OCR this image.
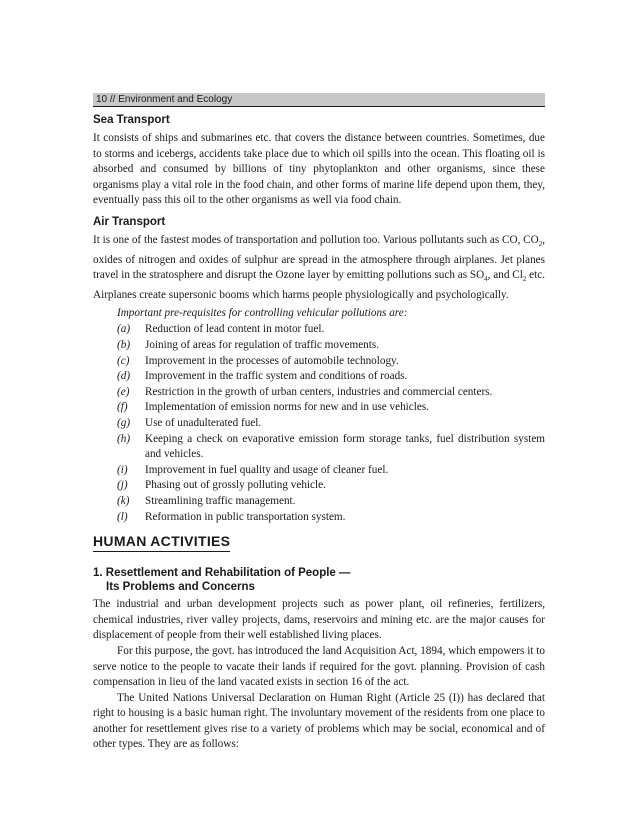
10 // Environment and Ecology
Sea Transport

It consists of ships and submarines etc. that covers the distance between countries. Sometimes, due to storms and icebergs, accidents take place due to which oil spills into the ocean. This floating oil is absorbed and consumed by billions of tiny phytoplankton and other organisms, since these organisms play a vital role in the food chain, and other forms of marine life depend upon them, they, eventually pass this oil to the other organisms as well via food chain.

Air Transport

It is one of the fastest modes of transportation and pollution too. Various pollutants such as CO, $CO_2$, oxides of nitrogen and oxides of sulphur are spread in the atmosphere through airplanes. Jet planes travel in the stratosphere and disrupt the Ozone layer by emitting pollutions such as $SO_4$, and $Cl_2$ etc. Airplanes create supersonic booms which harms people physiologically and psychologically.

Important pre-requisites for controlling vehicular pollutions are:

(a)	Reduction of lead content in motor fuel.
(b)	Joining of areas for regulation of traffic movements.
(c)	Improvement in the processes of automobile technology.
(d)	Improvement in the traffic system and conditions of roads.
(e)	Restriction in the growth of urban centers, industries and commercial centers.
(f)	Implementation of emission norms for new and in use vehicles.
(g)	Use of unadulterated fuel.
(h)	Keeping a check on evaporative emission form storage tanks, fuel distribution system and vehicles.
(i)	Improvement in fuel quality and usage of cleaner fuel.
(j)	Phasing out of grossly polluting vehicle.
(k)	Streamlining traffic management.
(l)	Reformation in public transportation system.
HUMAN ACTIVITIES
1. Resettlement and Rehabilitation of People —
Its Problems and Concerns

The industrial and urban development projects such as power plant, oil refineries, fertilizers, chemical industries, river valley projects, dams, reservoirs and mining etc. are the major causes for displacement of people from their well established living places.

For this purpose, the govt. has introduced the land Acquisition Act, 1894, which empowers it to serve notice to the people to vacate their lands if required for the govt. planning. Provision of cash compensation in lieu of the land vacated exists in section 16 of the act.

The United Nations Universal Declaration on Human Right (Article 25 (I)) has declared that right to housing is a basic human right. The involuntary movement of the residents from one place to another for resettlement gives rise to a variety of problems which may be social, economical and of other types. They are as follows:
